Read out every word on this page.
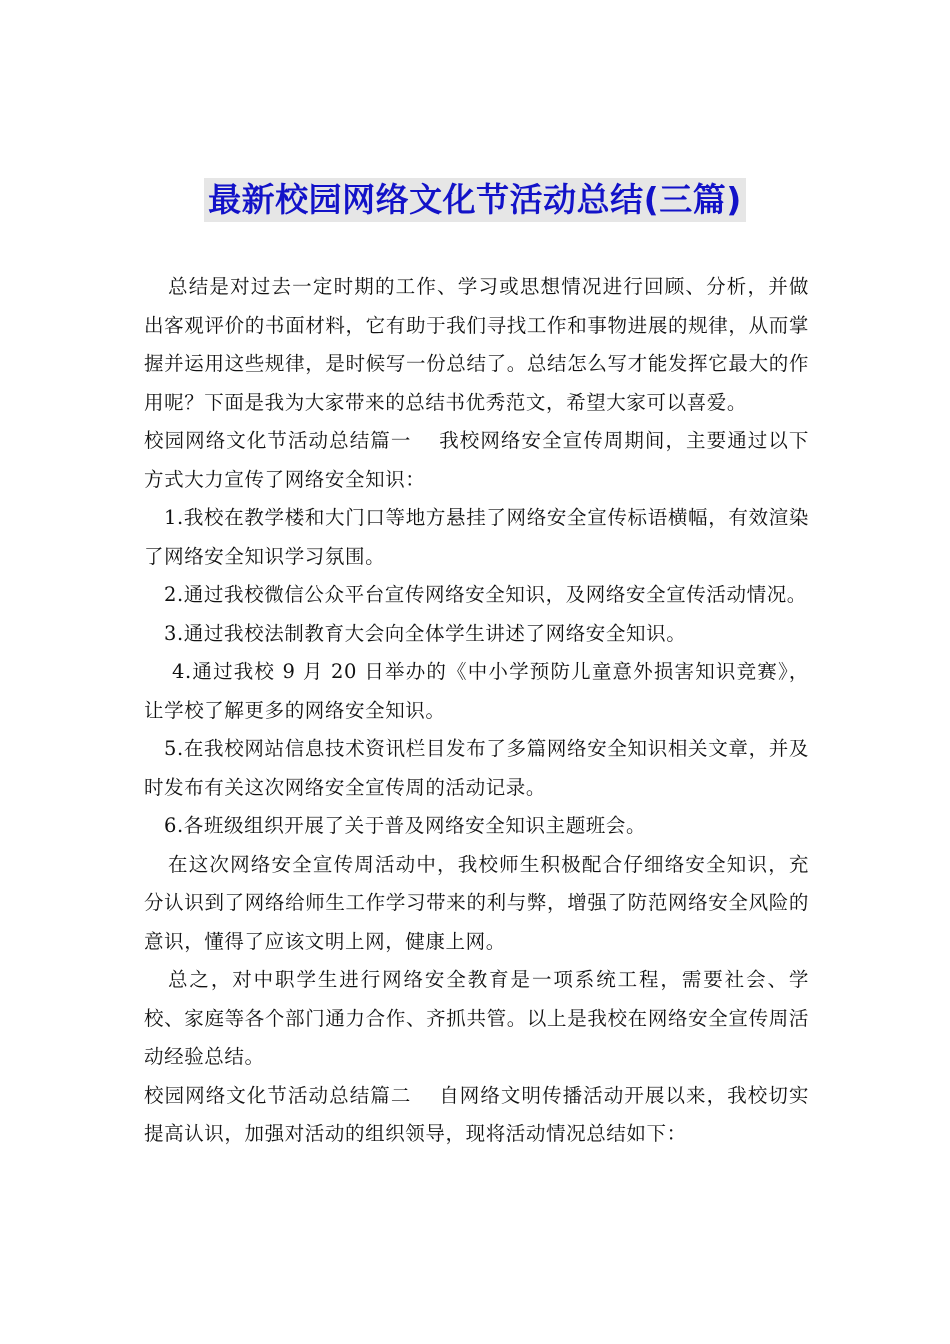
最新校园网络文化节活动总结(三篇)

总结是对过去一定时期的工作、学习或思想情况进行回顾、分析，并做出客观评价的书面材料，它有助于我们寻找工作和事物进展的规律，从而掌握并运用这些规律，是时候写一份总结了。总结怎么写才能发挥它最大的作用呢？下面是我为大家带来的总结书优秀范文，希望大家可以喜爱。

校园网络文化节活动总结篇一　 我校网络安全宣传周期间，主要通过以下方式大力宣传了网络安全知识：

1.我校在教学楼和大门口等地方悬挂了网络安全宣传标语横幅，有效渲染了网络安全知识学习氛围。

2.通过我校微信公众平台宣传网络安全知识，及网络安全宣传活动情况。

3.通过我校法制教育大会向全体学生讲述了网络安全知识。

4.通过我校 9 月 20 日举办的《中小学预防儿童意外损害知识竞赛》，让学校了解更多的网络安全知识。

5.在我校网站信息技术资讯栏目发布了多篇网络安全知识相关文章，并及时发布有关这次网络安全宣传周的活动记录。

6.各班级组织开展了关于普及网络安全知识主题班会。

在这次网络安全宣传周活动中，我校师生积极配合仔细络安全知识，充分认识到了网络给师生工作学习带来的利与弊，增强了防范网络安全风险的意识，懂得了应该文明上网，健康上网。

总之，对中职学生进行网络安全教育是一项系统工程，需要社会、学校、家庭等各个部门通力合作、齐抓共管。以上是我校在网络安全宣传周活动经验总结。

校园网络文化节活动总结篇二　 自网络文明传播活动开展以来，我校切实提高认识，加强对活动的组织领导，现将活动情况总结如下：
